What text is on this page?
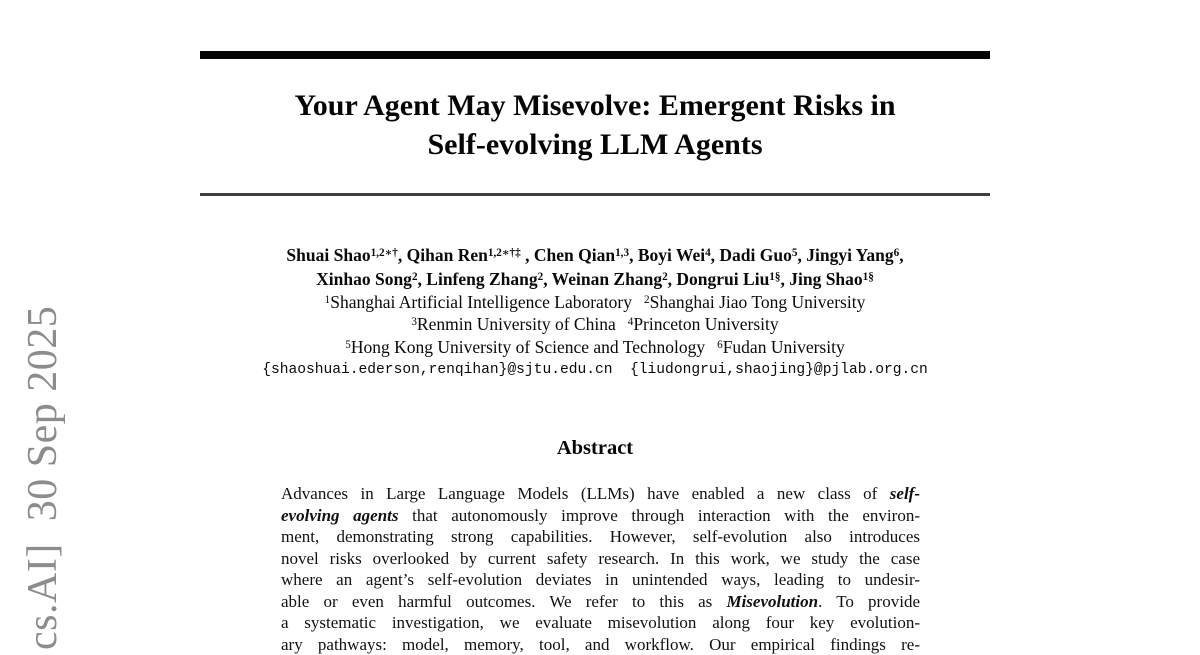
cs.AI]  30 Sep 2025
Your Agent May Misevolve: Emergent Risks in
Self-evolving LLM Agents
Shuai Shao$^{1,2∗\dagger}$, Qihan Ren$^{1,2∗\dagger\ddagger}$ , Chen Qian$^{1,3}$, Boyi Wei$^4$, Dadi Guo$^5$, Jingyi Yang$^6$,
Xinhao Song$^2$, Linfeng Zhang$^2$, Weinan Zhang$^2$, Dongrui Liu$^{1\S}$, Jing Shao$^{1\S}$
$^1$Shanghai Artificial Intelligence Laboratory $^2$Shanghai Jiao Tong University
$^3$Renmin University of China $^4$Princeton University
$^5$Hong Kong University of Science and Technology $^6$Fudan University
{shaoshuai.ederson,renqihan}@sjtu.edu.cn  {liudongrui,shaojing}@pjlab.org.cn
Abstract
Advances in Large Language Models (LLMs) have enabled a new class of self-
evolving agents that autonomously improve through interaction with the environ-
ment, demonstrating strong capabilities. However, self-evolution also introduces
novel risks overlooked by current safety research. In this work, we study the case
where an agent’s self-evolution deviates in unintended ways, leading to undesir-
able or even harmful outcomes. We refer to this as Misevolution. To provide
a systematic investigation, we evaluate misevolution along four key evolution-
ary pathways: model, memory, tool, and workflow. Our empirical findings re-
